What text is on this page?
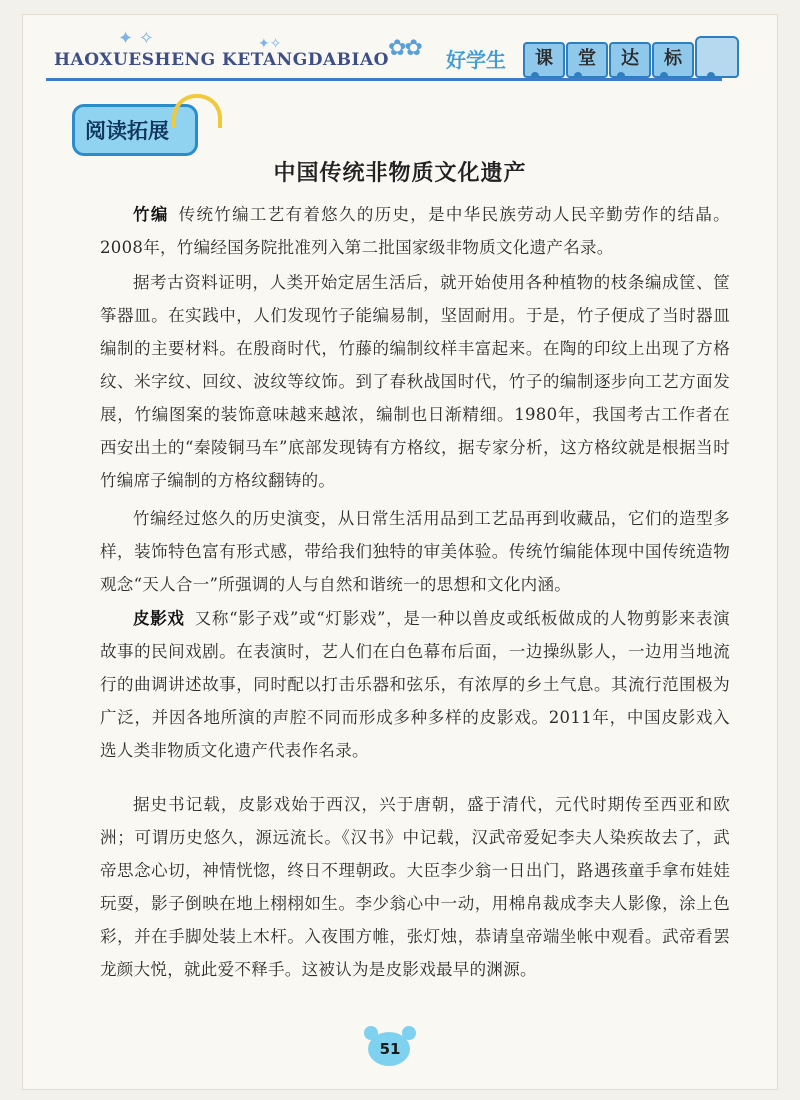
✦ ✧	✦✧
HAOXUESHENG KETANGDABIAO ✿✿ 好学生	课	堂	达	标
阅读拓展
中国传统非物质文化遗产
竹编 传统竹编工艺有着悠久的历史，是中华民族劳动人民辛勤劳作的结晶。2008年，竹编经国务院批准列入第二批国家级非物质文化遗产名录。
据考古资料证明，人类开始定居生活后，就开始使用各种植物的枝条编成筐、筐筝器皿。在实践中，人们发现竹子能编易制，坚固耐用。于是，竹子便成了当时器皿编制的主要材料。在殷商时代，竹藤的编制纹样丰富起来。在陶的印纹上出现了方格纹、米字纹、回纹、波纹等纹饰。到了春秋战国时代，竹子的编制逐步向工艺方面发展，竹编图案的装饰意味越来越浓，编制也日渐精细。1980年，我国考古工作者在西安出土的“秦陵铜马车”底部发现铸有方格纹，据专家分析，这方格纹就是根据当时竹编席子编制的方格纹翻铸的。
竹编经过悠久的历史演变，从日常生活用品到工艺品再到收藏品，它们的造型多样，装饰特色富有形式感，带给我们独特的审美体验。传统竹编能体现中国传统造物观念“天人合一”所强调的人与自然和谐统一的思想和文化内涵。
皮影戏 又称“影子戏”或“灯影戏”，是一种以兽皮或纸板做成的人物剪影来表演故事的民间戏剧。在表演时，艺人们在白色幕布后面，一边操纵影人，一边用当地流行的曲调讲述故事，同时配以打击乐器和弦乐，有浓厚的乡土气息。其流行范围极为广泛，并因各地所演的声腔不同而形成多种多样的皮影戏。2011年，中国皮影戏入选人类非物质文化遗产代表作名录。
据史书记载，皮影戏始于西汉，兴于唐朝，盛于清代，元代时期传至西亚和欧洲；可谓历史悠久，源远流长。《汉书》中记载，汉武帝爱妃李夫人染疾故去了，武帝思念心切，神情恍惚，终日不理朝政。大臣李少翁一日出门，路遇孩童手拿布娃娃玩耍，影子倒映在地上栩栩如生。李少翁心中一动，用棉帛裁成李夫人影像，涂上色彩，并在手脚处装上木杆。入夜围方帷，张灯烛，恭请皇帝端坐帐中观看。武帝看罢龙颜大悦，就此爱不释手。这被认为是皮影戏最早的渊源。
51
